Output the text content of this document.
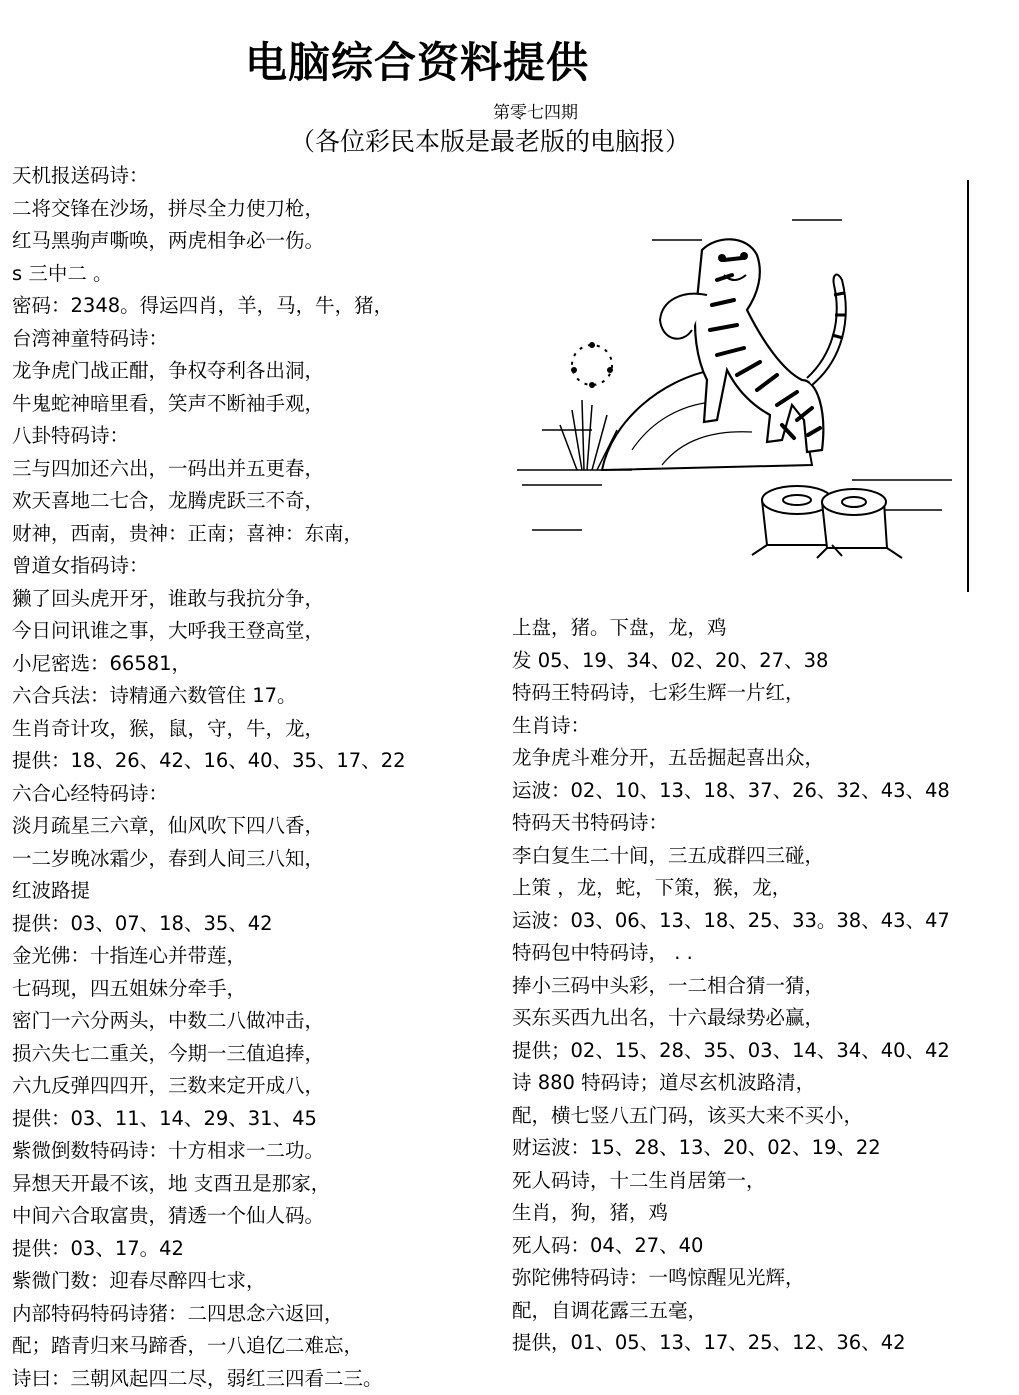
电脑综合资料提供
第零七四期
（各位彩民本版是最老版的电脑报）
天机报送码诗：
二将交锋在沙场，拼尽全力使刀枪，
红马黑驹声嘶唤，两虎相争必一伤。
s 三中二 。
密码：2348。得运四肖，羊，马，牛，猪，
台湾神童特码诗：
龙争虎门战正酣，争权夺利各出洞，
牛鬼蛇神暗里看，笑声不断袖手观，
八卦特码诗：
三与四加还六出，一码出并五更春，
欢天喜地二七合，龙腾虎跃三不奇，
财神，西南，贵神：正南；喜神：东南，
曾道女指码诗：
獭了回头虎开牙，谁敢与我抗分争，
今日问讯谁之事，大呼我王登高堂，
小尼密选：66581，
六合兵法：诗精通六数管住 17。
生肖奇计攻，猴，鼠，守，牛，龙，
提供：18、26、42、16、40、35、17、22
六合心经特码诗：
淡月疏星三六章，仙风吹下四八香，
一二岁晚冰霜少，春到人间三八知，
红波路提
提供：03、07、18、35、42
金光佛：十指连心并带莲，
七码现，四五姐妹分牵手，
密门一六分两头，中数二八做冲击，
损六失七二重关，今期一三值追捧，
六九反弹四四开，三数来定开成八，
提供：03、11、14、29、31、45
紫微倒数特码诗：十方相求一二功。
异想天开最不该，地 支酉丑是那家，
中间六合取富贵，猜透一个仙人码。
提供：03、17。42
紫微门数：迎春尽醉四七求，
内部特码特码诗猪：二四思念六返回，
配；踏青归来马蹄香，一八追亿二难忘，
诗曰：三朝风起四二尽，弱红三四看二三。
上盘，猪。下盘，龙，鸡
发 05、19、34、02、20、27、38
特码王特码诗，七彩生辉一片红，
生肖诗：
龙争虎斗难分开，五岳掘起喜出众，
运波：02、10、13、18、37、26、32、43、48
特码天书特码诗：
李白复生二十间，三五成群四三碰，
上策 ，龙，蛇，下策，猴，龙，
运波：03、06、13、18、25、33。38、43、47
特码包中特码诗， . .
捧小三码中头彩，一二相合猜一猜，
买东买西九出名，十六最绿势必赢，
提供；02、15、28、35、03、14、34、40、42
诗 880 特码诗；道尽玄机波路清，
配，横七竖八五门码，该买大来不买小，
财运波：15、28、13、20、02、19、22
死人码诗，十二生肖居第一，
生肖，狗，猪，鸡
死人码：04、27、40
弥陀佛特码诗：一鸣惊醒见光辉，
配，自调花露三五毫，
提供，01、05、13、17、25、12、36、42
